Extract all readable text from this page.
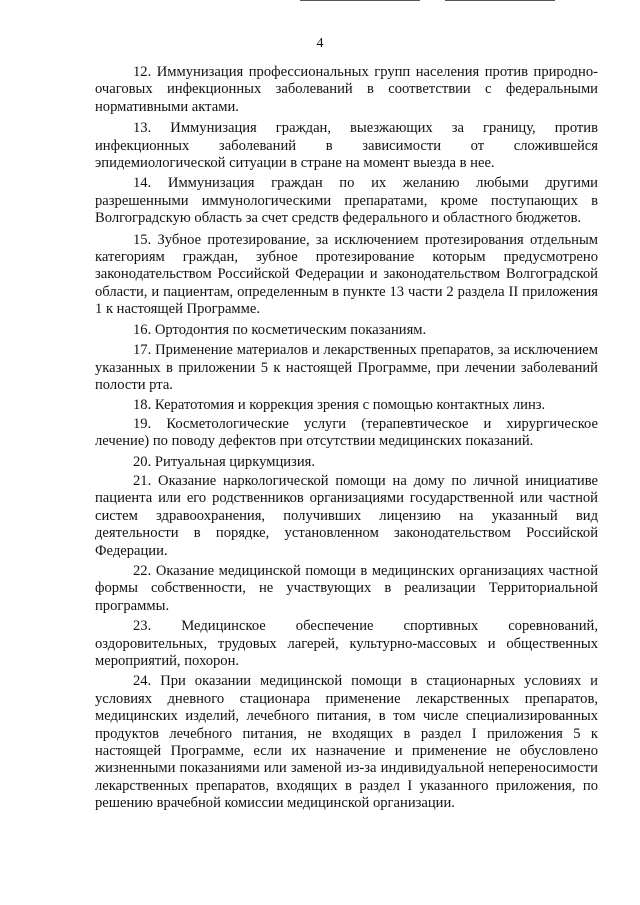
4

12. Иммунизация профессиональных групп населения против природно-очаговых инфекционных заболеваний в соответствии с федеральными нормативными актами.

13. Иммунизация граждан, выезжающих за границу, против инфекционных заболеваний в зависимости от сложившейся эпидемиологической ситуации в стране на момент выезда в нее.

14. Иммунизация граждан по их желанию любыми другими разрешенными иммунологическими препаратами, кроме поступающих в Волгоградскую область за счет средств федерального и областного бюджетов.

15. Зубное протезирование, за исключением протезирования отдельным категориям граждан, зубное протезирование которым предусмотрено законодательством Российской Федерации и законодательством Волгоградской области, и пациентам, определенным в пункте 13 части 2 раздела II приложения 1 к настоящей Программе.

16. Ортодонтия по косметическим показаниям.

17. Применение материалов и лекарственных препаратов, за исключением указанных в приложении 5 к настоящей Программе, при лечении заболеваний полости рта.

18. Кератотомия и коррекция зрения с помощью контактных линз.

19. Косметологические услуги (терапевтическое и хирургическое лечение) по поводу дефектов при отсутствии медицинских показаний.

20. Ритуальная циркумцизия.

21. Оказание наркологической помощи на дому по личной инициативе пациента или его родственников организациями государственной или частной систем здравоохранения, получивших лицензию на указанный вид деятельности в порядке, установленном законодательством Российской Федерации.

22. Оказание медицинской помощи в медицинских организациях частной формы собственности, не участвующих в реализации Территориальной программы.

23. Медицинское обеспечение спортивных соревнований, оздоровительных, трудовых лагерей, культурно-массовых и общественных мероприятий, похорон.

24. При оказании медицинской помощи в стационарных условиях и условиях дневного стационара применение лекарственных препаратов, медицинских изделий, лечебного питания, в том числе специализированных продуктов лечебного питания, не входящих в раздел I приложения 5 к настоящей Программе, если их назначение и применение не обусловлено жизненными показаниями или заменой из-за индивидуальной непереносимости лекарственных препаратов, входящих в раздел I указанного приложения, по решению врачебной комиссии медицинской организации.
